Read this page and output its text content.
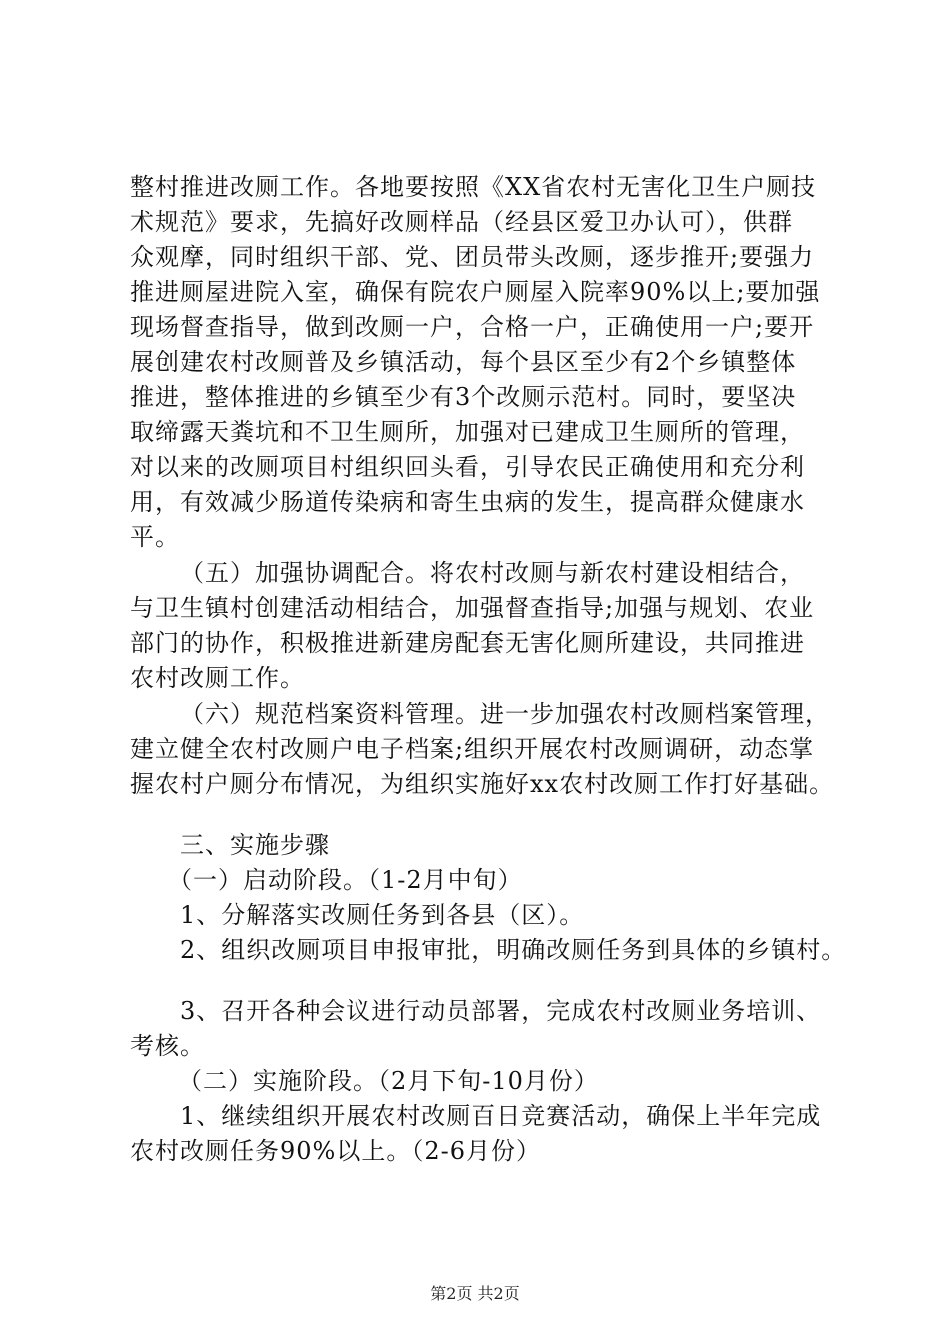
整村推进改厕工作。各地要按照《XX省农村无害化卫生户厕技
术规范》要求，先搞好改厕样品（经县区爱卫办认可），供群
众观摩，同时组织干部、党、团员带头改厕，逐步推开;要强力
推进厕屋进院入室，确保有院农户厕屋入院率90%以上;要加强
现场督查指导，做到改厕一户，合格一户，正确使用一户;要开
展创建农村改厕普及乡镇活动，每个县区至少有2个乡镇整体
推进，整体推进的乡镇至少有3个改厕示范村。同时，要坚决
取缔露天粪坑和不卫生厕所，加强对已建成卫生厕所的管理，
对以来的改厕项目村组织回头看，引导农民正确使用和充分利
用，有效减少肠道传染病和寄生虫病的发生，提高群众健康水
平。
（五）加强协调配合。将农村改厕与新农村建设相结合，
与卫生镇村创建活动相结合，加强督查指导;加强与规划、农业
部门的协作，积极推进新建房配套无害化厕所建设，共同推进
农村改厕工作。
（六）规范档案资料管理。进一步加强农村改厕档案管理，
建立健全农村改厕户电子档案;组织开展农村改厕调研，动态掌
握农村户厕分布情况，为组织实施好xx农村改厕工作打好基础。
三、实施步骤
（一）启动阶段。（1-2月中旬）
1、分解落实改厕任务到各县（区）。
2、组织改厕项目申报审批，明确改厕任务到具体的乡镇村。
3、召开各种会议进行动员部署，完成农村改厕业务培训、
考核。
（二）实施阶段。（2月下旬-10月份）
1、继续组织开展农村改厕百日竞赛活动，确保上半年完成
农村改厕任务90%以上。（2-6月份）
第2页 共2页
